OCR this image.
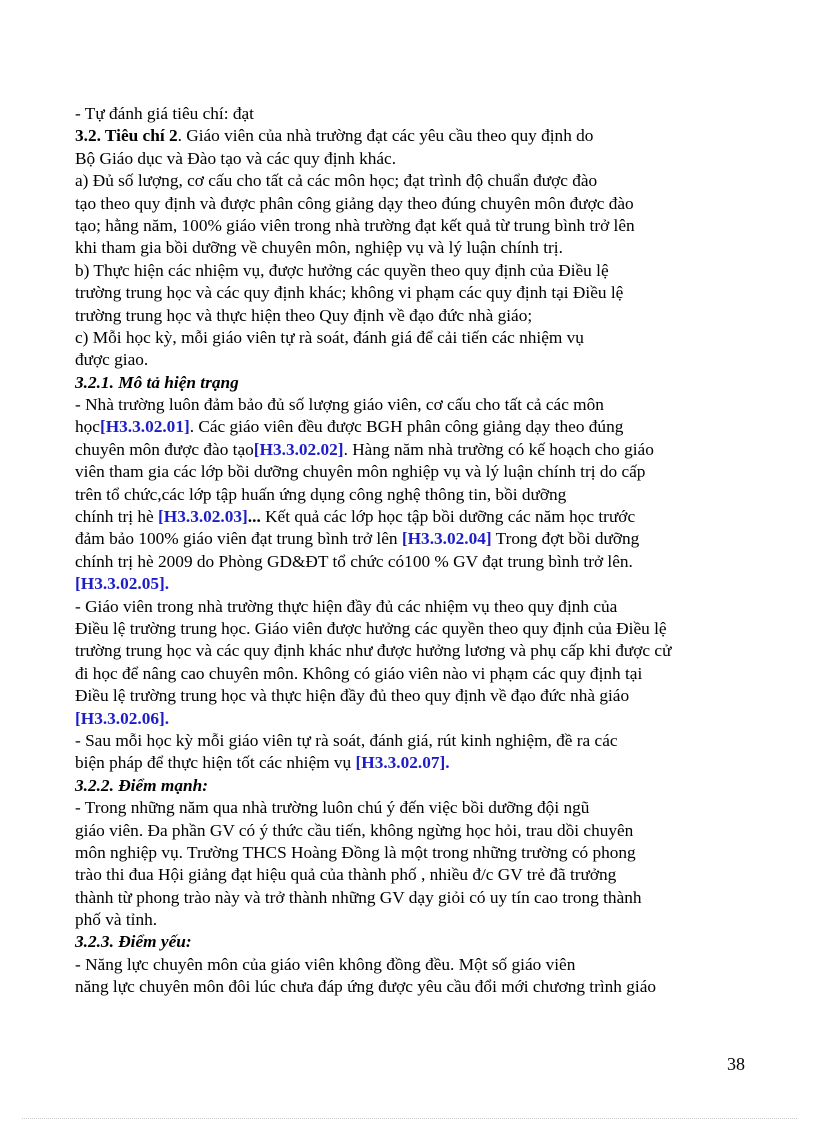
- Tự đánh giá tiêu chí: đạt
3.2. Tiêu chí 2. Giáo viên của nhà trường đạt các yêu cầu theo quy định do
Bộ Giáo dục và Đào tạo và các quy định khác.
a) Đủ số lượng, cơ cấu cho tất cả các môn học; đạt trình độ chuẩn được đào
tạo theo quy định và được phân công giảng dạy theo đúng chuyên môn được đào
tạo; hằng năm, 100% giáo viên trong nhà trường đạt kết quả từ trung bình trở lên
khi tham gia bồi dưỡng về chuyên môn, nghiệp vụ và lý luận chính trị.
b) Thực hiện các nhiệm vụ, được hưởng các quyền theo quy định của Điều lệ
trường trung học và các quy định khác; không vi phạm các quy định tại Điều lệ
trường trung học và thực hiện theo Quy định về đạo đức nhà giáo;
c) Mỗi học kỳ, mỗi giáo viên tự rà soát, đánh giá để cải tiến các nhiệm vụ
được giao.
3.2.1. Mô tả hiện trạng
- Nhà trường luôn đảm bảo đủ số lượng giáo viên, cơ cấu cho tất cả các môn
học[H3.3.02.01]. Các giáo viên đều được BGH phân công giảng dạy theo đúng
chuyên môn được đào tạo[H3.3.02.02]. Hàng năm nhà trường có kế hoạch cho giáo
viên tham gia các lớp bồi dưỡng chuyên môn nghiệp vụ và lý luận chính trị do cấp
trên tổ chức,các lớp tập huấn ứng dụng công nghệ thông tin, bồi dưỡng
chính trị hè [H3.3.02.03]... Kết quả các lớp học tập bồi dưỡng các năm học trước
đảm bảo 100% giáo viên đạt trung bình trở lên [H3.3.02.04] Trong đợt bồi dưỡng
chính trị hè 2009 do Phòng GD&ĐT tổ chức có100 % GV đạt trung bình trở lên.
[H3.3.02.05].
- Giáo viên trong nhà trường thực hiện đầy đủ các nhiệm vụ theo quy định của
Điều lệ trường trung học. Giáo viên được hưởng các quyền theo quy định của Điều lệ
trường trung học và các quy định khác như được hưởng lương và phụ cấp khi được cử
đi học để nâng cao chuyên môn. Không có giáo viên nào vi phạm các quy định tại
Điều lệ trường trung học và thực hiện đầy đủ theo quy định về đạo đức nhà giáo
[H3.3.02.06].
- Sau mỗi học kỳ mỗi giáo viên tự rà soát, đánh giá, rút kinh nghiệm, đề ra các
biện pháp để thực hiện tốt các nhiệm vụ [H3.3.02.07].
3.2.2. Điểm mạnh:
- Trong những năm qua nhà trường luôn chú ý đến việc bồi dưỡng đội ngũ
giáo viên. Đa phần GV có ý thức cầu tiến, không ngừng học hỏi, trau dồi chuyên
môn nghiệp vụ. Trường THCS Hoàng Đồng là một trong những trường có phong
trào thi đua Hội giảng đạt hiệu quả của thành phố , nhiều đ/c GV trẻ đã trưởng
thành từ phong trào này và trở thành những GV dạy giỏi có uy tín cao trong thành
phố và tỉnh.
3.2.3. Điểm yếu:
- Năng lực chuyên môn của giáo viên không đồng đều. Một số giáo viên
năng lực chuyên môn đôi lúc chưa đáp ứng được yêu cầu đổi mới chương trình giáo
38
